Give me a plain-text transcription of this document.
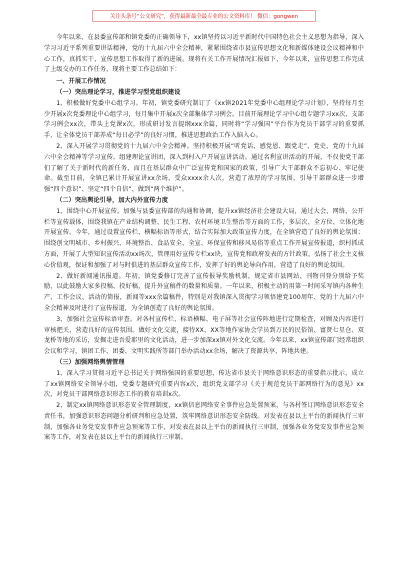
关注头条号“公文研究”，获得最新最全最专业的公文资料库！ 微信：gongwen

今年以来，在县委宣传部和镇党委的正确领导下，xx镇坚持以习近平新时代中国特色社会主义思想为指导，深入学习习近平系列重要讲话精神，党的十九届六中全会精神，紧紧围绕省市县宣传思想文化和新媒体建设会议精神和中心工作，真抓实干，宣传思想工作取得了新的进展。现将有关工作开展情况汇报如下，今年以来，宣传思想工作完成了上级交办的工作任务，现将主要工作总结如下：

一、开展工作情况

（一）突出理论学习，推进学习型党组织建设

1、积极做好党委中心组学习。年初，镇党委研究制订了《xx镇2021年党委中心组理论学习计划》，坚持每月至少开展x次党委理论中心组学习，每月集中开展x次全部集体学习例会。目前开展理论学习中心组专题学习xx次、支部学习例会xx次，带头上党课x次，形成研讨发言提纲xxx余篇，同时将“学习强国”平台作为党员干部学习的重要抓手，让全体党员干部养成“每日必学”的良好习惯，推进思想政治工作入脑入心。

2、深入开展学习贯彻党的十九届六中全会精神。坚持积极开展“听党话、感党恩、跟党走”、党史、党的十九届六中全会精神等学习宣传。组建理论宣讲团，深入到村入户开展宣讲活动。通过名利宣讲活动的开展，不仅使党干部们了解了关于新时代的新任务，而且在基层群众中广泛宣传党和国家的政策，引导广大干部群众不忘初心、牢记使命。截至目前，全镇已累计开展宣讲xx余场，受众xxxx余人次，营造了浓厚的学习氛围，引导干部群众进一步增强“四个意识”、坚定“四个自信”、做到“两个维护”。

（二）突出舆论引导，加大内外宣传力度

1、围绕中心开展宣传。加强与县委宣传部的沟通和协调，提升xx镇经济社会建设大局，通过大会、网络、公开栏等宣传载体，围绕我镇在产业结构调整、民生工程、农村环境卫生整治等方面的工作，多层次、全方位、立体化地开展宣传。今年，通过设置宣传栏、横幅标语等形式，结合实际加大政策宣传力度，在全镇营造了良好的舆论氛围；围绕创文明城市、乡村振兴、环境整治、食品安全、全宣、环保宣传和移风易俗等重点工作开展宣传报道，织村抓成方面，开展了大型知识宣传活动xx场次，管理用好宣传专栏xx块，宣传党和政府发表的方针政策，弘扬了社会主义核心价值观，保证和加强了对与时俱进的基层群众宣传工作，发挥了好的舆论导向作用，营造了良好的舆论氛围。

2、做好新闻通讯报道。年初，镇党委修订完善了宣传报导奖励机制，规定省市县网站、刊物刊登分别给予奖励，以此鼓励大家多投稿、投好稿，提升外宣稿件的数量和质量。一年以来，积极主动的用第一时间采写镇内各种生产、工作会议、活动的简报，新闻等xxx余篇稿件，特别是对我镇深入贯彻学习领悟建党100周年、党的十九届六中全会精神及时进行了宣传报道，为全镇创造了良好的舆论氛围。

3、加强社会宣传标语审查。对各村宣传栏、标语横幅、电子屏等社会宣传阵地进行定期检查，对顾及内容进行审核把关，营造良好的宣传氛围。做好文化交流，接待XX、XX等地作家协会学员到万民的民俗馆、富贤七星仓、双龙桥等地的采访，发掘走进吾爱耶里的文化活动，进一步加深xx镇对外文化交流。今年以来，xx镇宣传部门经常组织会议和学习，镇团工作、团委、文明实践所等部门举办活动xx余场，解决了资源共享、阵地共建。

（三）加强网络舆情管理

1、深入学习贯彻习近平总书记关于网络强国的重要思想，传达省市县关于网络意识形态的重要指示批示，成立了xx镇网络安全领导小组，党委专题研究重要内容x次，组织党支部学习《关于规范党员干部网络行为的意见》xx次，对党员干部网络意识形态工作的教育培训x次。

2、制定xx镇网络意识形态安全管理制度，xx镇信息网络安全事件应急处置预案，与各村签订网络意识形态安全责任书，加强意识形态问题分析研判和应急处置，筑牢网络意识形态安全防线。对发表在县以上平台的新闻执行三审制，加强各业务党安发事件应急预案等工作，对发表在县以上平台的新闻执行三审制，加强各业务党安发事件应急预案等工作，对发表在县以上平台的新闻执行三审制。
